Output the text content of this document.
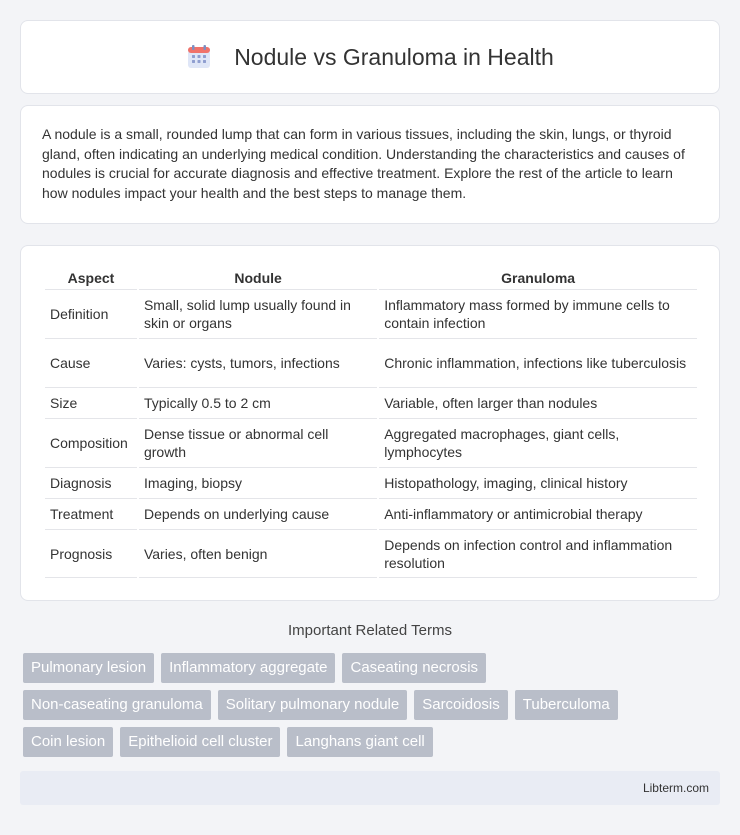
Nodule vs Granuloma in Health

A nodule is a small, rounded lump that can form in various tissues, including the skin, lungs, or thyroid gland, often indicating an underlying medical condition. Understanding the characteristics and causes of nodules is crucial for accurate diagnosis and effective treatment. Explore the rest of the article to learn how nodules impact your health and the best steps to manage them.

Aspect	Nodule	Granuloma
Definition	Small, solid lump usually found in skin or organs	Inflammatory mass formed by immune cells to contain infection
Cause	Varies: cysts, tumors, infections	Chronic inflammation, infections like tuberculosis
Size	Typically 0.5 to 2 cm	Variable, often larger than nodules
Composition	Dense tissue or abnormal cell growth	Aggregated macrophages, giant cells, lymphocytes
Diagnosis	Imaging, biopsy	Histopathology, imaging, clinical history
Treatment	Depends on underlying cause	Anti-inflammatory or antimicrobial therapy
Prognosis	Varies, often benign	Depends on infection control and inflammation resolution
Important Related Terms
Pulmonary lesion	Inflammatory aggregate	Caseating necrosis
Non-caseating granuloma	Solitary pulmonary nodule	Sarcoidosis	Tuberculoma
Coin lesion	Epithelioid cell cluster	Langhans giant cell
Libterm.com
